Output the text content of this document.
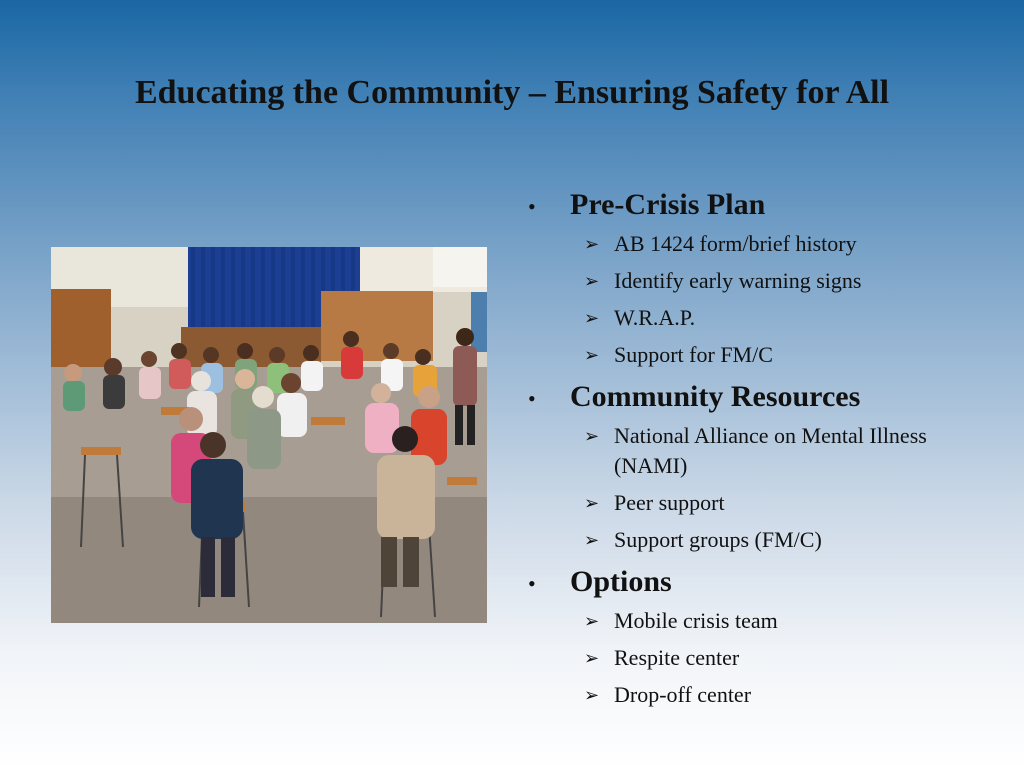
Educating the Community – Ensuring Safety for All
•	Pre-Crisis Plan
➢ AB 1424 form/brief history
➢ Identify early warning signs
➢ W.R.A.P.
➢ Support for FM/C
•	Community Resources
➢ National Alliance on Mental Illness (NAMI)
➢ Peer support
➢ Support groups (FM/C)
•	Options
➢ Mobile crisis team
➢ Respite center
➢ Drop-off center
